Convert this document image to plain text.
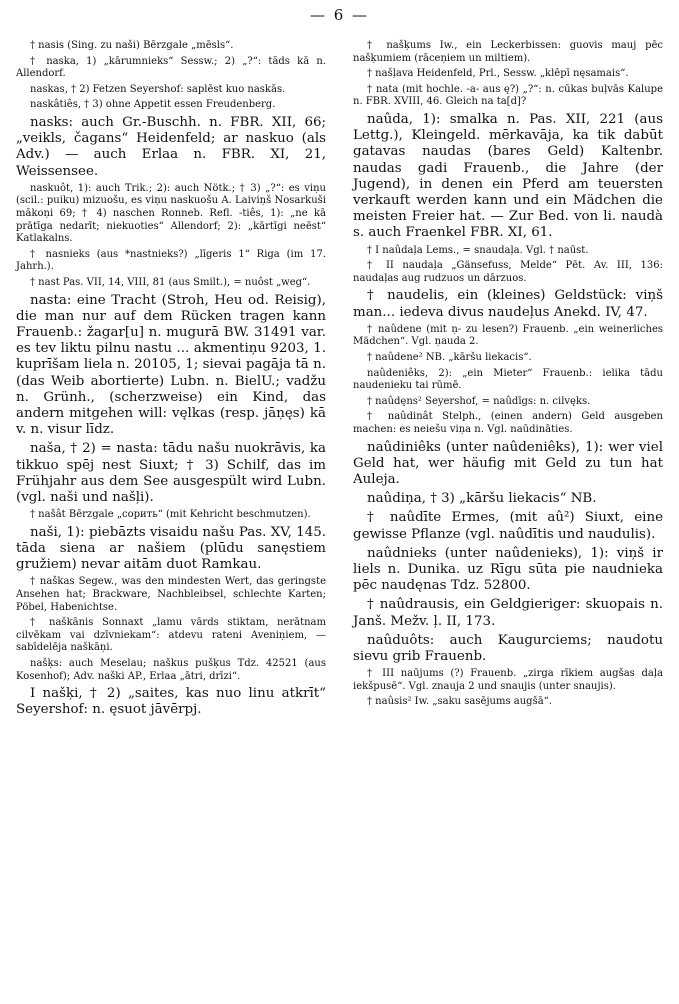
— 6 —

† nasis (Sing. zu naši) Bērzgale „mēsls“.

† naska, 1) „kārumnieks“ Sessw.; 2) „?“: tāds kā n. Allendorf.

naskas, † 2) Fetzen Seyershof: saplēst kuo naskās.

naskâtiês, † 3) ohne Appetit essen Freudenberg.

nasks: auch Gr.-Buschh. n. FBR. XII, 66; „veikls, čagans“ Heidenfeld; ar naskuo (als Adv.) — auch Erlaa n. FBR. XI, 21, Weissensee.

naskuôt, 1): auch Trik.; 2): auch Nötk.; † 3) „?“: es viņu (scil.: puiku) mizuošu, es viņu naskuošu A. Laiviņš Nosarkuši mākoņi 69; † 4) naschen Ronneb. Refl. -tiês, 1): „ne kā prātīga nedarīt; niekuoties“ Allendorf; 2): „kārtīgi neēst“ Katlakalns.

† nasnieks (aus *nastnieks?) „līgeris 1“ Riga (im 17. Jahrh.).

† nast Pas. VII, 14, VIII, 81 (aus Smilt.), = nuôst „weg“.

nasta: eine Tracht (Stroh, Heu od. Reisig), die man nur auf dem Rücken tragen kann Frauenb.: žagar[u] n. mugurā BW. 31491 var. es tev liktu pilnu nastu ... akmentiņu 9203, 1. kuprīšam liela n. 20105, 1; sievai pagāja tā n. (das Weib abortierte) Lubn. n. BielU.; vadžu n. Grünh., (scherzweise) ein Kind, das andern mitgehen will: vęlkas (resp. jāņęs) kā v. n. visur līdz.

naša, † 2) = nasta: tādu našu nuokrāvis, ka tikkuo spēj nest Siuxt; † 3) Schilf, das im Frühjahr aus dem See ausgespült wird Lubn. (vgl. naši und našļi).

† našât Bērzgale „сорить“ (mit Kehricht beschmutzen).

naši, 1): piebāzts visaidu našu Pas. XV, 145. tāda siena ar našiem (plūdu sanęstiem gružiem) nevar aitām duot Ramkau.

† naškas Segew., was den mindesten Wert, das geringste Ansehen hat; Brackware, Nachbleibsel, schlechte Karten; Pöbel, Habenichtse.

† naškānis Sonnaxt „lamu vārds stiktam, nerātnam cilvēkam vai dzīvniekam“: atdevu rateni Aveniņiem, — sabīdelēja naškāņi.

našķs: auch Meselau; naškus pušķus Tdz. 42521 (aus Kosenhof); Adv. naški AP., Erlaa „ātri, drīzi“.

I našķi, † 2) „saites, kas nuo linu atkrīt“ Seyershof: n. ęsuot jāvērpj.

† našķums Iw., ein Leckerbissen: guovis mauj pēc našķumiem (rāceņiem un miltiem).

† našļava Heidenfeld, Prl., Sessw. „klēpī nęsamais“.

† nata (mit hochle. -a- aus ę?) „?“: n. cūkas buļvās Kalupe n. FBR. XVIII, 46. Gleich na ta[d]?

naûda, 1): smalka n. Pas. XII, 221 (aus Lettg.), Kleingeld. mērkavāja, ka tik dabūt gatavas naudas (bares Geld) Kaltenbr. naudas gadi Frauenb., die Jahre (der Jugend), in denen ein Pferd am teuersten verkauft werden kann und ein Mädchen die meisten Freier hat. — Zur Bed. von li. naudà s. auch Fraenkel FBR. XI, 61.

† I naûdaļa Lems., = snaudaļa. Vgl. † naūst.

† II naudaļa „Gänsefuss, Melde“ Pēt. Av. III, 136: naudaļas aug rudzuos un dārzuos.

† naudelis, ein (kleines) Geldstück: viņš man... iedeva divus naudeļus Anekd. IV, 47.

† naûdene (mit ņ- zu lesen?) Frauenb. „ein weinerliches Mädchen“. Vgl. ņauda 2.

† naûdene² NB. „kāršu liekacis“.

naûdeniêks, 2): „ein Mieter“ Frauenb.: ielika tādu naudenieku tai rūmē.

† naûdęns² Seyershof, = naûdīgs: n. cilvęks.

† naûdinât Stelph., (einen andern) Geld ausgeben machen: es neiešu viņa n. Vgl. naūdināties.

naûdiniêks (unter naûdeniêks), 1): wer viel Geld hat, wer häufig mit Geld zu tun hat Auleja.

naûdiņa, † 3) „kāršu liekacis“ NB.

† naûdīte Ermes, (mit aû²) Siuxt, eine gewisse Pflanze (vgl. naûdītis und naudulis).

naûdnieks (unter naûdenieks), 1): viņš ir liels n. Dunika. uz Rīgu sūta pie naudnieka pēc naudęnas Tdz. 52800.

† naûdrausis, ein Geldgieriger: skuopais n. Janš. Mežv. ļ. II, 173.

naûduôts: auch Kaugurciems; naudotu sievu grib Frauenb.

† III naūjums (?) Frauenb. „zirga rīkiem augšas daļa iekšpusē“. Vgl. znauja 2 und snaujis (unter snaujis).

† naûsis² Iw. „saku sasējums augšā“.
